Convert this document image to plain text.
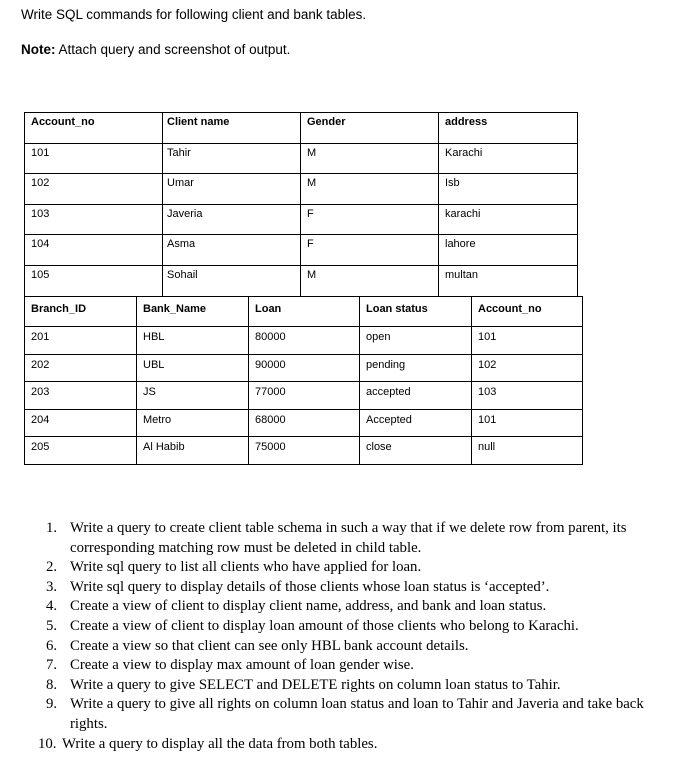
Write SQL commands for following client and bank tables.
Note: Attach query and screenshot of output.
Account_no	Client name	Gender	address
101	Tahir	M	Karachi
102	Umar	M	Isb
103	Javeria	F	karachi
104	Asma	F	lahore
105	Sohail	M	multan
Branch_ID	Bank_Name	Loan	Loan status	Account_no
201	HBL	80000	open	101
202	UBL	90000	pending	102
203	JS	77000	accepted	103
204	Metro	68000	Accepted	101
205	Al Habib	75000	close	null
1. Write a query to create client table schema in such a way that if we delete row from parent, its corresponding matching row must be deleted in child table.
2. Write sql query to list all clients who have applied for loan.
3. Write sql query to display details of those clients whose loan status is ‘accepted’.
4. Create a view of client to display client name, address, and bank and loan status.
5. Create a view of client to display loan amount of those clients who belong to Karachi.
6. Create a view so that client can see only HBL bank account details.
7. Create a view to display max amount of loan gender wise.
8. Write a query to give SELECT and DELETE rights on column loan status to Tahir.
9. Write a query to give all rights on column loan status and loan to Tahir and Javeria and take back rights.
10. Write a query to display all the data from both tables.
